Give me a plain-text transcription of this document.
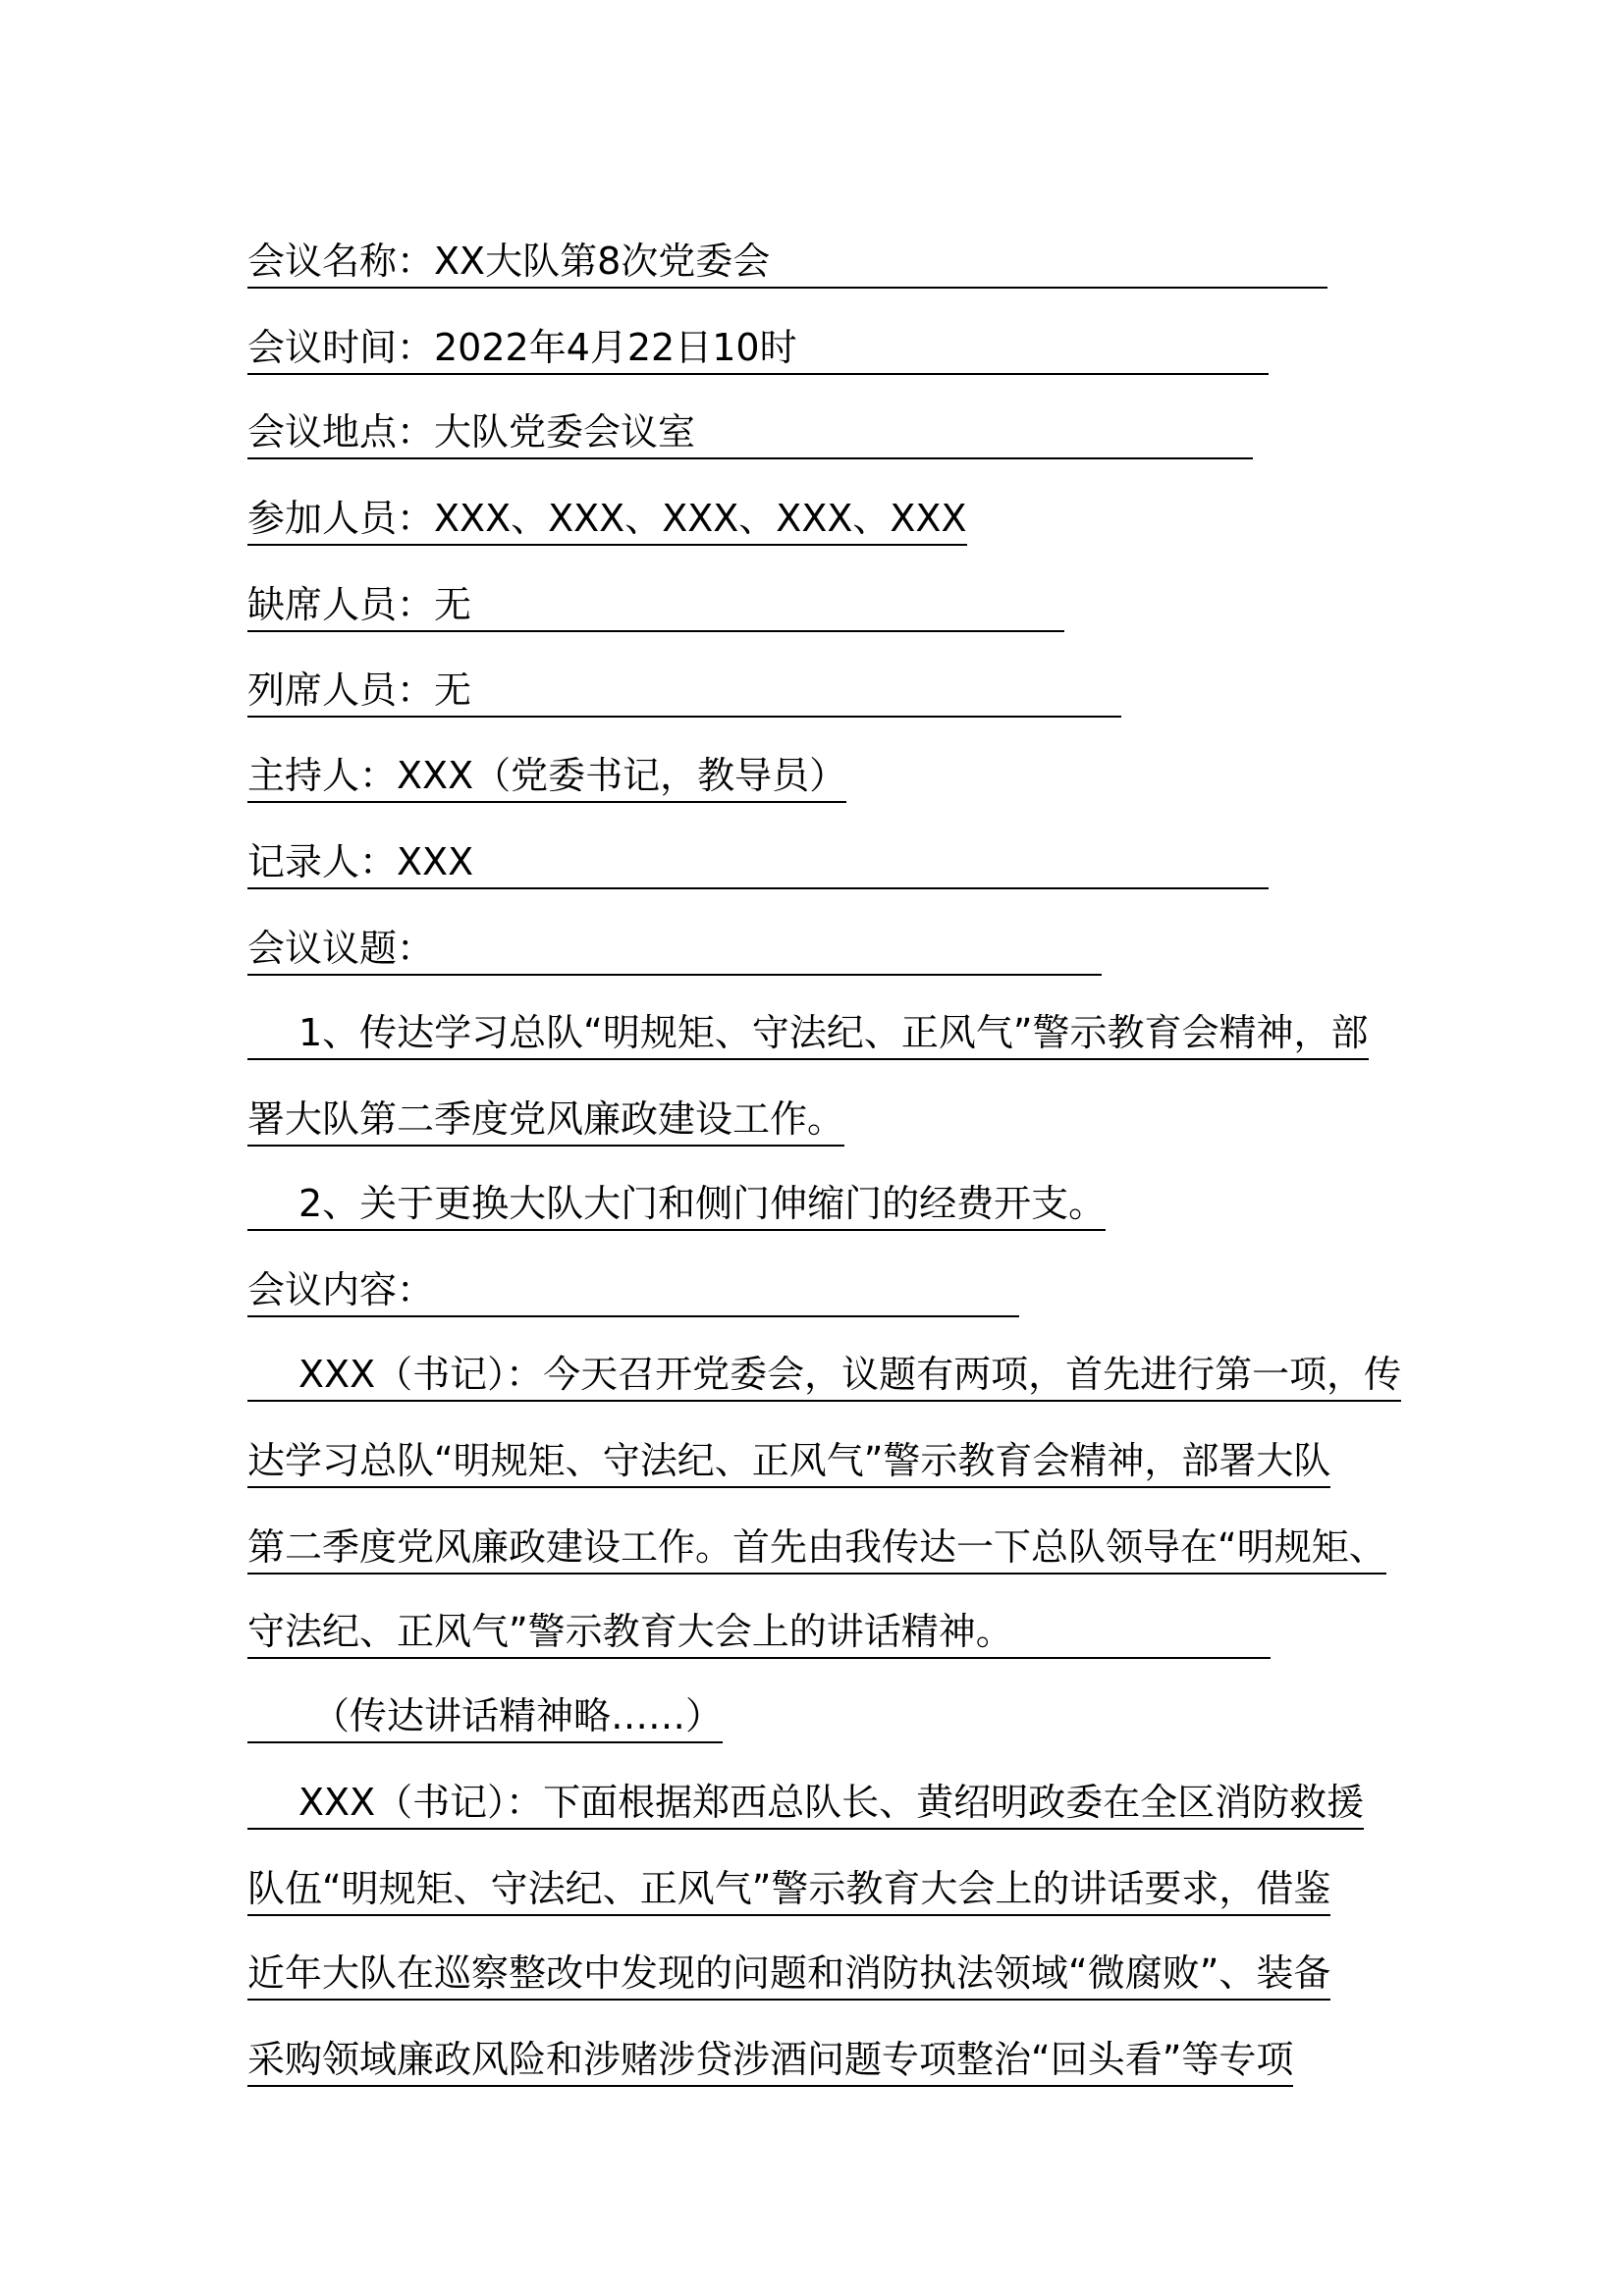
会议名称：XX大队第8次党委会
会议时间：2022年4月22日10时
会议地点：大队党委会议室
参加人员：XXX、XXX、XXX、XXX、XXX
缺席人员：无
列席人员：无
主持人：XXX（党委书记，教导员）
记录人：XXX
会议议题：
1、传达学习总队“明规矩、守法纪、正风气”警示教育会精神，部
署大队第二季度党风廉政建设工作。
2、关于更换大队大门和侧门伸缩门的经费开支。
会议内容：
XXX（书记）：今天召开党委会，议题有两项，首先进行第一项，传
达学习总队“明规矩、守法纪、正风气”警示教育会精神，部署大队
第二季度党风廉政建设工作。首先由我传达一下总队领导在“明规矩、
守法纪、正风气”警示教育大会上的讲话精神。
（传达讲话精神略……）
XXX（书记）：下面根据郑西总队长、黄绍明政委在全区消防救援
队伍“明规矩、守法纪、正风气”警示教育大会上的讲话要求，借鉴
近年大队在巡察整改中发现的问题和消防执法领域“微腐败”、装备
采购领域廉政风险和涉赌涉贷涉酒问题专项整治“回头看”等专项
